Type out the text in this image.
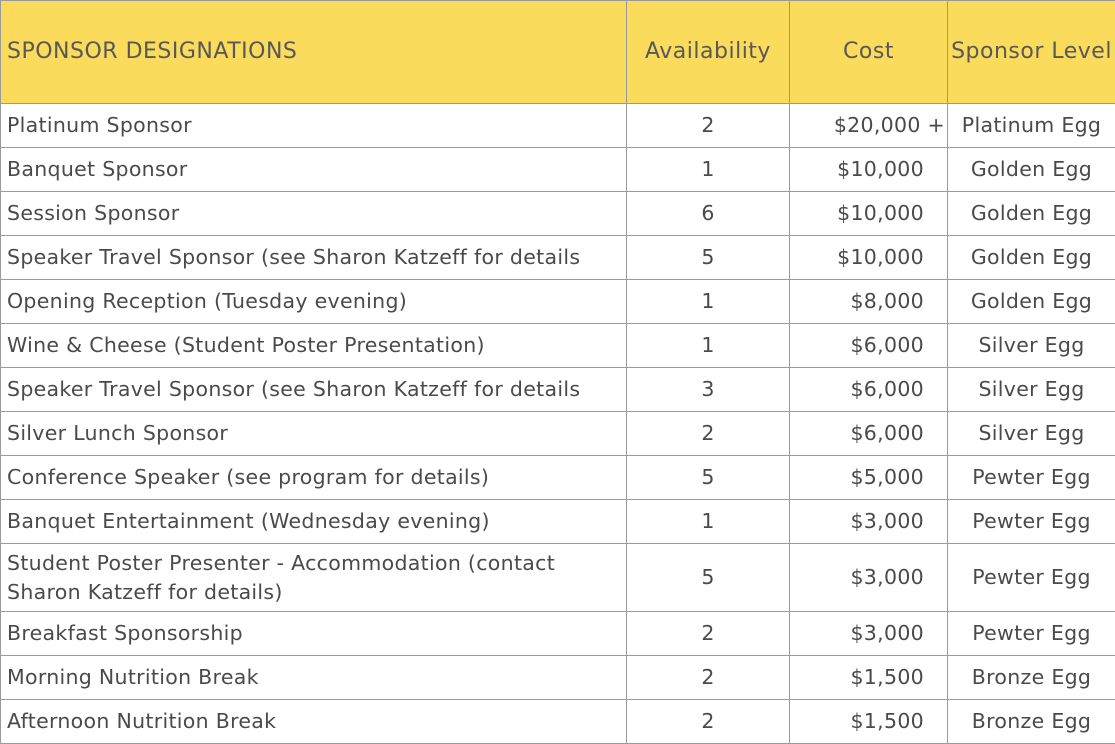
SPONSOR DESIGNATIONS	Availability	Cost	Sponsor Level
Platinum Sponsor	2	$20,000 +	Platinum Egg
Banquet Sponsor	1	$10,000	Golden Egg
Session Sponsor	6	$10,000	Golden Egg
Speaker Travel Sponsor (see Sharon Katzeff for details	5	$10,000	Golden Egg
Opening Reception (Tuesday evening)	1	$8,000	Golden Egg
Wine & Cheese (Student Poster Presentation)	1	$6,000	Silver Egg
Speaker Travel Sponsor (see Sharon Katzeff for details	3	$6,000	Silver Egg
Silver Lunch Sponsor	2	$6,000	Silver Egg
Conference Speaker (see program for details)	5	$5,000	Pewter Egg
Banquet Entertainment (Wednesday evening)	1	$3,000	Pewter Egg
Student Poster Presenter - Accommodation (contact Sharon Katzeff for details)	5	$3,000	Pewter Egg
Breakfast Sponsorship	2	$3,000	Pewter Egg
Morning Nutrition Break	2	$1,500	Bronze Egg
Afternoon Nutrition Break	2	$1,500	Bronze Egg
